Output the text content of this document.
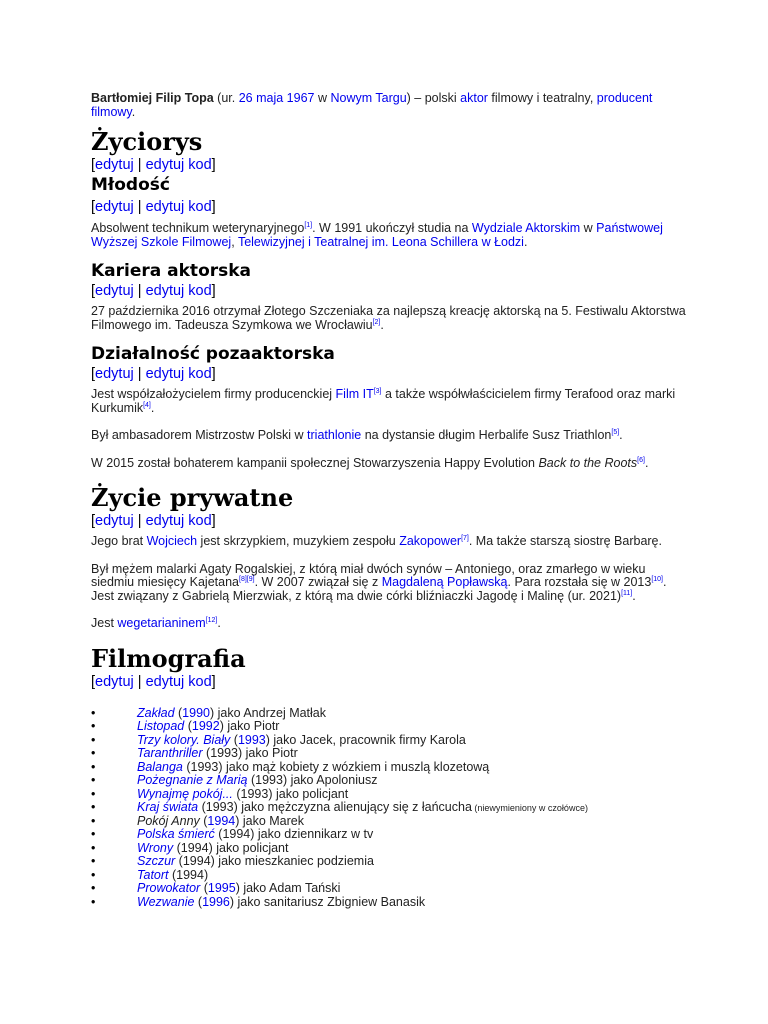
Bartłomiej Filip Topa (ur. 26 maja 1967 w Nowym Targu) – polski aktor filmowy i teatralny, producent filmowy.

Życiorys
[edytuj | edytuj kod]
Młodość
[edytuj | edytuj kod]

Absolwent technikum weterynaryjnego[1]. W 1991 ukończył studia na Wydziale Aktorskim w Państwowej Wyższej Szkole Filmowej, Telewizyjnej i Teatralnej im. Leona Schillera w Łodzi.

Kariera aktorska
[edytuj | edytuj kod]

27 października 2016 otrzymał Złotego Szczeniaka za najlepszą kreację aktorską na 5. Festiwalu Aktorstwa Filmowego im. Tadeusza Szymkowa we Wrocławiu[2].

Działalność pozaaktorska
[edytuj | edytuj kod]

Jest współzałożycielem firmy producenckiej Film IT[3] a także współwłaścicielem firmy Terafood oraz marki Kurkumik[4].

Był ambasadorem Mistrzostw Polski w triathlonie na dystansie długim Herbalife Susz Triathlon[5].

W 2015 został bohaterem kampanii społecznej Stowarzyszenia Happy Evolution Back to the Roots[6].

Życie prywatne
[edytuj | edytuj kod]

Jego brat Wojciech jest skrzypkiem, muzykiem zespołu Zakopower[7]. Ma także starszą siostrę Barbarę.

Był mężem malarki Agaty Rogalskiej, z którą miał dwóch synów – Antoniego, oraz zmarłego w wieku siedmiu miesięcy Kajetana[8][9]. W 2007 związał się z Magdaleną Popławską. Para rozstała się w 2013[10]. Jest związany z Gabrielą Mierzwiak, z którą ma dwie córki bliźniaczki Jagodę i Malinę (ur. 2021)[11].

Jest wegetarianinem[12].

Filmografia
[edytuj | edytuj kod]
•	Zakład (1990) jako Andrzej Matłak
•	Listopad (1992) jako Piotr
•	Trzy kolory. Biały (1993) jako Jacek, pracownik firmy Karola
•	Taranthriller (1993) jako Piotr
•	Balanga (1993) jako mąż kobiety z wózkiem i muszlą klozetową
•	Pożegnanie z Marią (1993) jako Apoloniusz
•	Wynajmę pokój... (1993) jako policjant
•	Kraj świata (1993) jako mężczyzna alienujący się z łańcucha (niewymieniony w czołówce)
•	Pokój Anny (1994) jako Marek
•	Polska śmierć (1994) jako dziennikarz w tv
•	Wrony (1994) jako policjant
•	Szczur (1994) jako mieszkaniec podziemia
•	Tatort (1994)
•	Prowokator (1995) jako Adam Tański
•	Wezwanie (1996) jako sanitariusz Zbigniew Banasik
